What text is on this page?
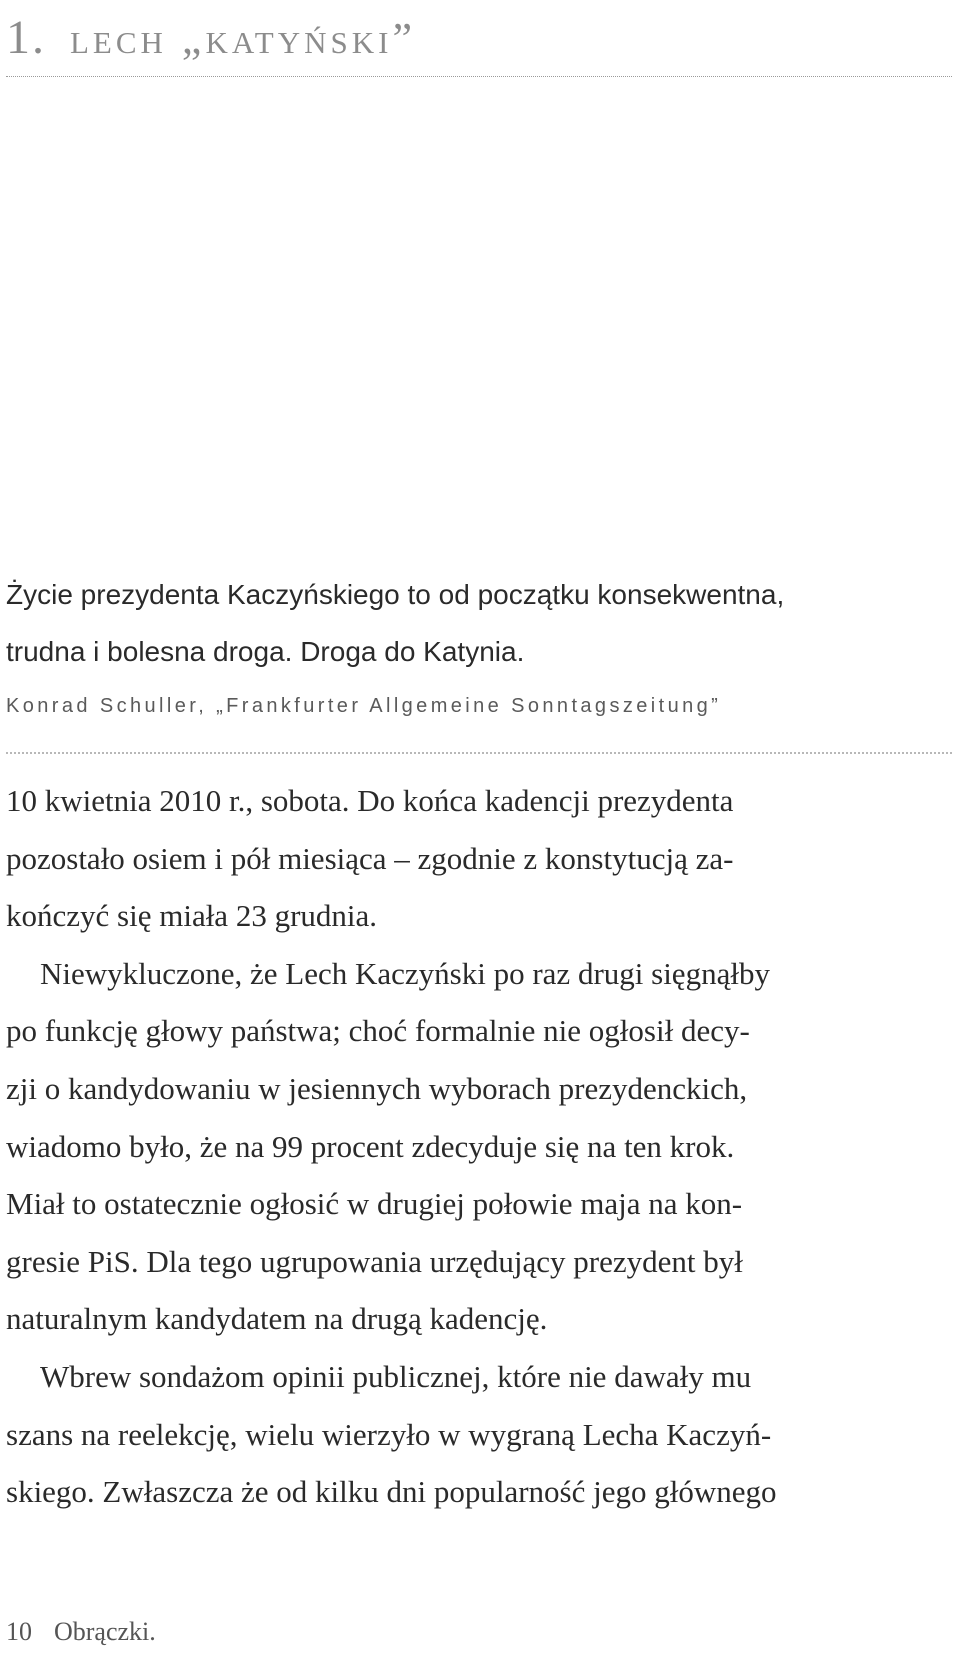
1. lech „katyński”

Życie prezydenta Kaczyńskiego to od początku konsekwentna,

trudna i bolesna droga. Droga do Katynia.

Konrad Schuller, „Frankfurter Allgemeine Sonntagszeitung”

10 kwietnia 2010 r., sobota. Do końca kadencji prezydenta

pozostało osiem i pół miesiąca – zgodnie z konstytucją za-

kończyć się miała 23 grudnia.

Niewykluczone, że Lech Kaczyński po raz drugi sięgnąłby

po funkcję głowy państwa; choć formalnie nie ogłosił decy-

zji o kandydowaniu w jesiennych wyborach prezydenckich,

wiadomo było, że na 99 procent zdecyduje się na ten krok.

Miał to ostatecznie ogłosić w drugiej połowie maja na kon-

gresie PiS. Dla tego ugrupowania urzędujący prezydent był

naturalnym kandydatem na drugą kadencję.

Wbrew sondażom opinii publicznej, które nie dawały mu

szans na reelekcję, wielu wierzyło w wygraną Lecha Kaczyń-

skiego. Zwłaszcza że od kilku dni popularność jego głównego

10 Obrączki.
